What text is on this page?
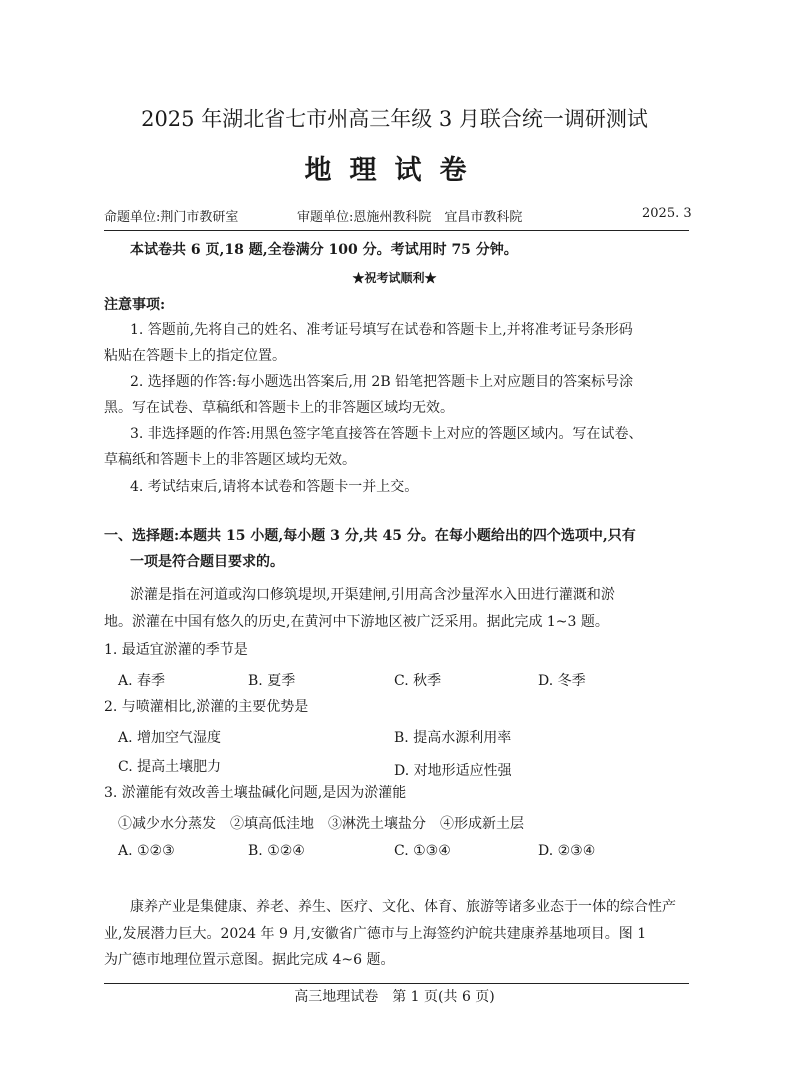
2025 年湖北省七市州高三年级 3 月联合统一调研测试
地理试卷
命题单位:荆门市教研室	审题单位:恩施州教科院　宜昌市教科院	2025. 3
本试卷共 6 页,18 题,全卷满分 100 分。考试用时 75 分钟。
★祝考试顺利★
注意事项:
1. 答题前,先将自己的姓名、准考证号填写在试卷和答题卡上,并将准考证号条形码
粘贴在答题卡上的指定位置。
2. 选择题的作答:每小题选出答案后,用 2B 铅笔把答题卡上对应题目的答案标号涂
黑。写在试卷、草稿纸和答题卡上的非答题区域均无效。
3. 非选择题的作答:用黑色签字笔直接答在答题卡上对应的答题区域内。写在试卷、
草稿纸和答题卡上的非答题区域均无效。
4. 考试结束后,请将本试卷和答题卡一并上交。
一、选择题:本题共 15 小题,每小题 3 分,共 45 分。在每小题给出的四个选项中,只有
一项是符合题目要求的。
淤灌是指在河道或沟口修筑堤坝,开渠建闸,引用高含沙量浑水入田进行灌溉和淤
地。淤灌在中国有悠久的历史,在黄河中下游地区被广泛采用。据此完成 1~3 题。
1. 最适宜淤灌的季节是
A. 春季	B. 夏季	C. 秋季	D. 冬季
2. 与喷灌相比,淤灌的主要优势是
A. 增加空气湿度	B. 提高水源利用率
C. 提高土壤肥力	D. 对地形适应性强
3. 淤灌能有效改善土壤盐碱化问题,是因为淤灌能
①减少水分蒸发　②填高低洼地　③淋洗土壤盐分　④形成新土层
A. ①②③	B. ①②④	C. ①③④	D. ②③④
康养产业是集健康、养老、养生、医疗、文化、体育、旅游等诸多业态于一体的综合性产
业,发展潜力巨大。2024 年 9 月,安徽省广德市与上海签约沪皖共建康养基地项目。图 1
为广德市地理位置示意图。据此完成 4~6 题。
高三地理试卷　第 1 页(共 6 页)
